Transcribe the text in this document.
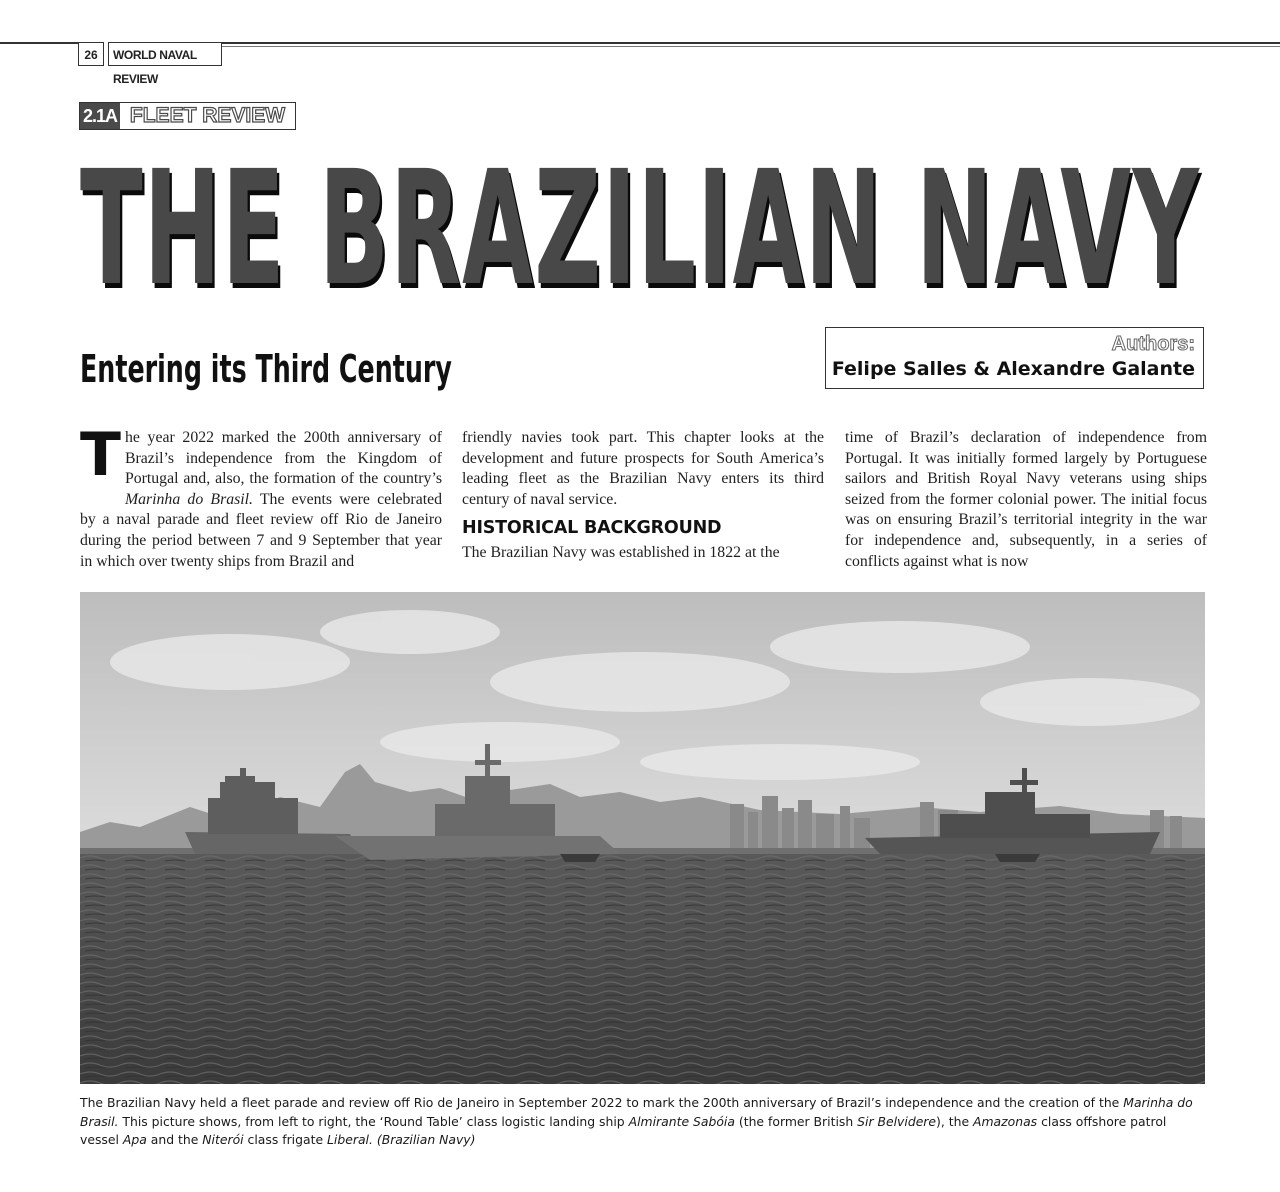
26	WORLD NAVAL REVIEW
2.1A FLEET REVIEW
THE BRAZILIAN NAVY
Entering its Third Century
Authors:
Felipe Salles & Alexandre Galante
T he year 2022 marked the 200th anniversary of Brazil’s independence from the Kingdom of Portugal and, also, the formation of the country’s Marinha do Brasil. The events were celebrated by a naval parade and fleet review off Rio de Janeiro during the period between 7 and 9 September that year in which over twenty ships from Brazil and

friendly navies took part. This chapter looks at the development and future prospects for South America’s leading fleet as the Brazilian Navy enters its third century of naval service.

HISTORICAL BACKGROUND

The Brazilian Navy was established in 1822 at the

time of Brazil’s declaration of independence from Portugal. It was initially formed largely by Portuguese sailors and British Royal Navy veterans using ships seized from the former colonial power. The initial focus was on ensuring Brazil’s territorial integrity in the war for independence and, subsequently, in a series of conflicts against what is now

The Brazilian Navy held a fleet parade and review off Rio de Janeiro in September 2022 to mark the 200th anniversary of Brazil’s independence and the creation of the Marinha do Brasil. This picture shows, from left to right, the ‘Round Table’ class logistic landing ship Almirante Sabóia (the former British Sir Belvidere), the Amazonas class offshore patrol vessel Apa and the Niterói class frigate Liberal. (Brazilian Navy)
